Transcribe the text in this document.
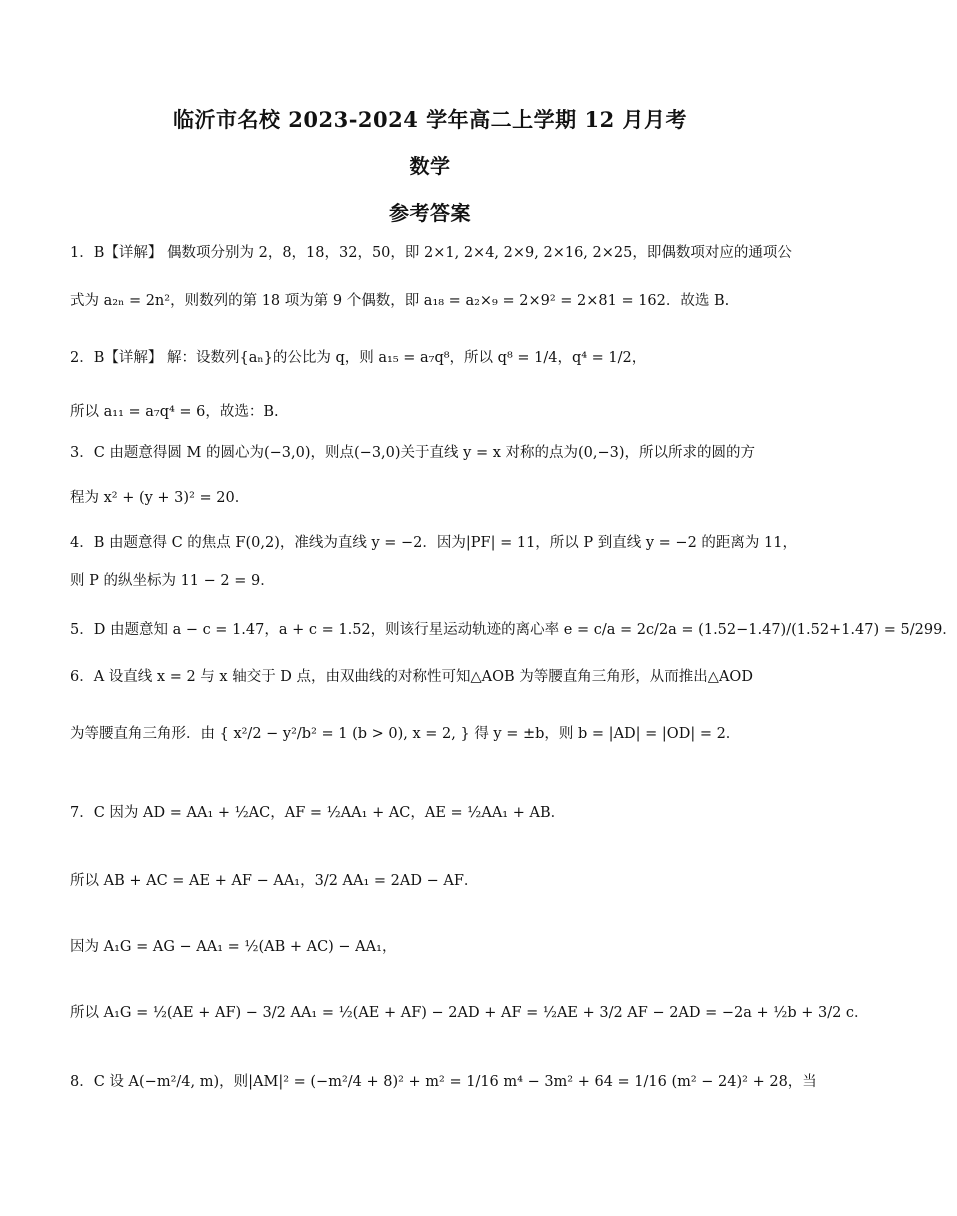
临沂市名校 2023-2024 学年高二上学期 12 月月考
数学
参考答案
1．B【详解】 偶数项分别为 2，8，18，32，50，即 2×1, 2×4, 2×9, 2×16, 2×25，即偶数项对应的通项公
式为 a₂ₙ = 2n²，则数列的第 18 项为第 9 个偶数，即 a₁₈ = a₂×₉ = 2×9² = 2×81 = 162．故选 B.
2．B【详解】 解：设数列{aₙ}的公比为 q，则 a₁₅ = a₇q⁸，所以 q⁸ = 1/4，q⁴ = 1/2，
所以 a₁₁ = a₇q⁴ = 6，故选：B.
3．C 由题意得圆 M 的圆心为(−3,0)，则点(−3,0)关于直线 y = x 对称的点为(0,−3)，所以所求的圆的方
程为 x² + (y + 3)² = 20．
4．B 由题意得 C 的焦点 F(0,2)，准线为直线 y = −2．因为|PF| = 11，所以 P 到直线 y = −2 的距离为 11，
则 P 的纵坐标为 11 − 2 = 9．
5．D 由题意知 a − c = 1.47，a + c = 1.52，则该行星运动轨迹的离心率 e = c/a = 2c/2a = (1.52−1.47)/(1.52+1.47) = 5/299．
6．A 设直线 x = 2 与 x 轴交于 D 点，由双曲线的对称性可知△AOB 为等腰直角三角形，从而推出△AOD
为等腰直角三角形．由 { x²/2 − y²/b² = 1 (b > 0), x = 2, } 得 y = ±b，则 b = |AD| = |OD| = 2．
7．C 因为 AD = AA₁ + ½AC，AF = ½AA₁ + AC，AE = ½AA₁ + AB．
所以 AB + AC = AE + AF − AA₁，3/2 AA₁ = 2AD − AF．
因为 A₁G = AG − AA₁ = ½(AB + AC) − AA₁，
所以 A₁G = ½(AE + AF) − 3/2 AA₁ = ½(AE + AF) − 2AD + AF = ½AE + 3/2 AF − 2AD = −2a + ½b + 3/2 c．
8．C 设 A(−m²/4, m)，则|AM|² = (−m²/4 + 8)² + m² = 1/16 m⁴ − 3m² + 64 = 1/16 (m² − 24)² + 28，当
